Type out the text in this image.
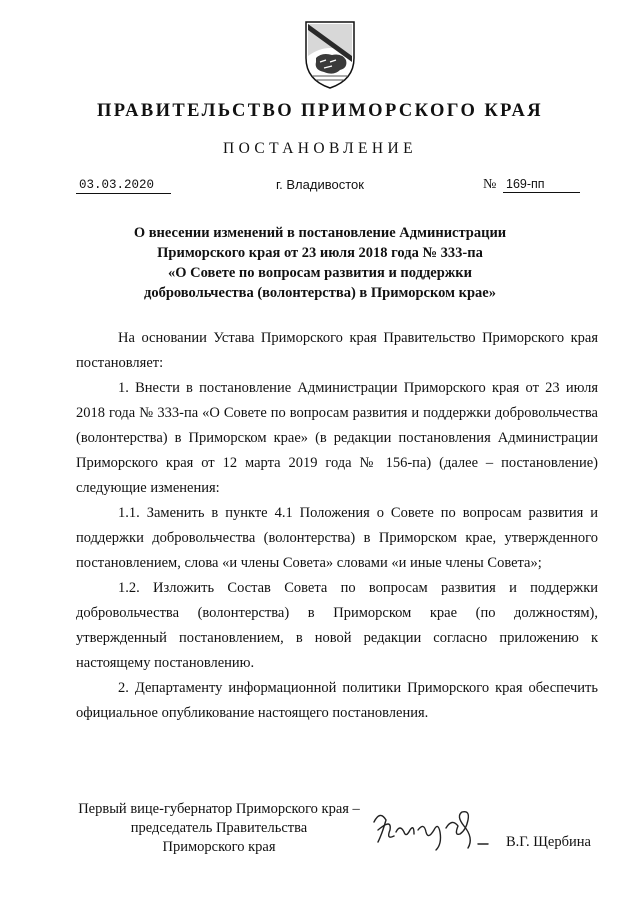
ПРАВИТЕЛЬСТВО ПРИМОРСКОГО КРАЯ
ПОСТАНОВЛЕНИЕ
03.03.2020	г. Владивосток	№ 169-пп
О внесении изменений в постановление Администрации
Приморского края от 23 июля 2018 года № 333-па
«О Совете по вопросам развития и поддержки
добровольчества (волонтерства) в Приморском крае»

На основании Устава Приморского края Правительство Приморского края постановляет:

1. Внести в постановление Администрации Приморского края от 23 июля 2018 года № 333-па «О Совете по вопросам развития и поддержки добровольчества (волонтерства) в Приморском крае» (в редакции постановления Администрации Приморского края от 12 марта 2019 года № 156-па) (далее – постановление) следующие изменения:

1.1. Заменить в пункте 4.1 Положения о Совете по вопросам развития и поддержки добровольчества (волонтерства) в Приморском крае, утвержденного постановлением, слова «и члены Совета» словами «и иные члены Совета»;

1.2. Изложить Состав Совета по вопросам развития и поддержки добровольчества (волонтерства) в Приморском крае (по должностям), утвержденный постановлением, в новой редакции согласно приложению к настоящему постановлению.

2. Департаменту информационной политики Приморского края обеспечить официальное опубликование настоящего постановления.

Первый вице-губернатор Приморского края –
председатель Правительства
Приморского края	В.Г. Щербина
